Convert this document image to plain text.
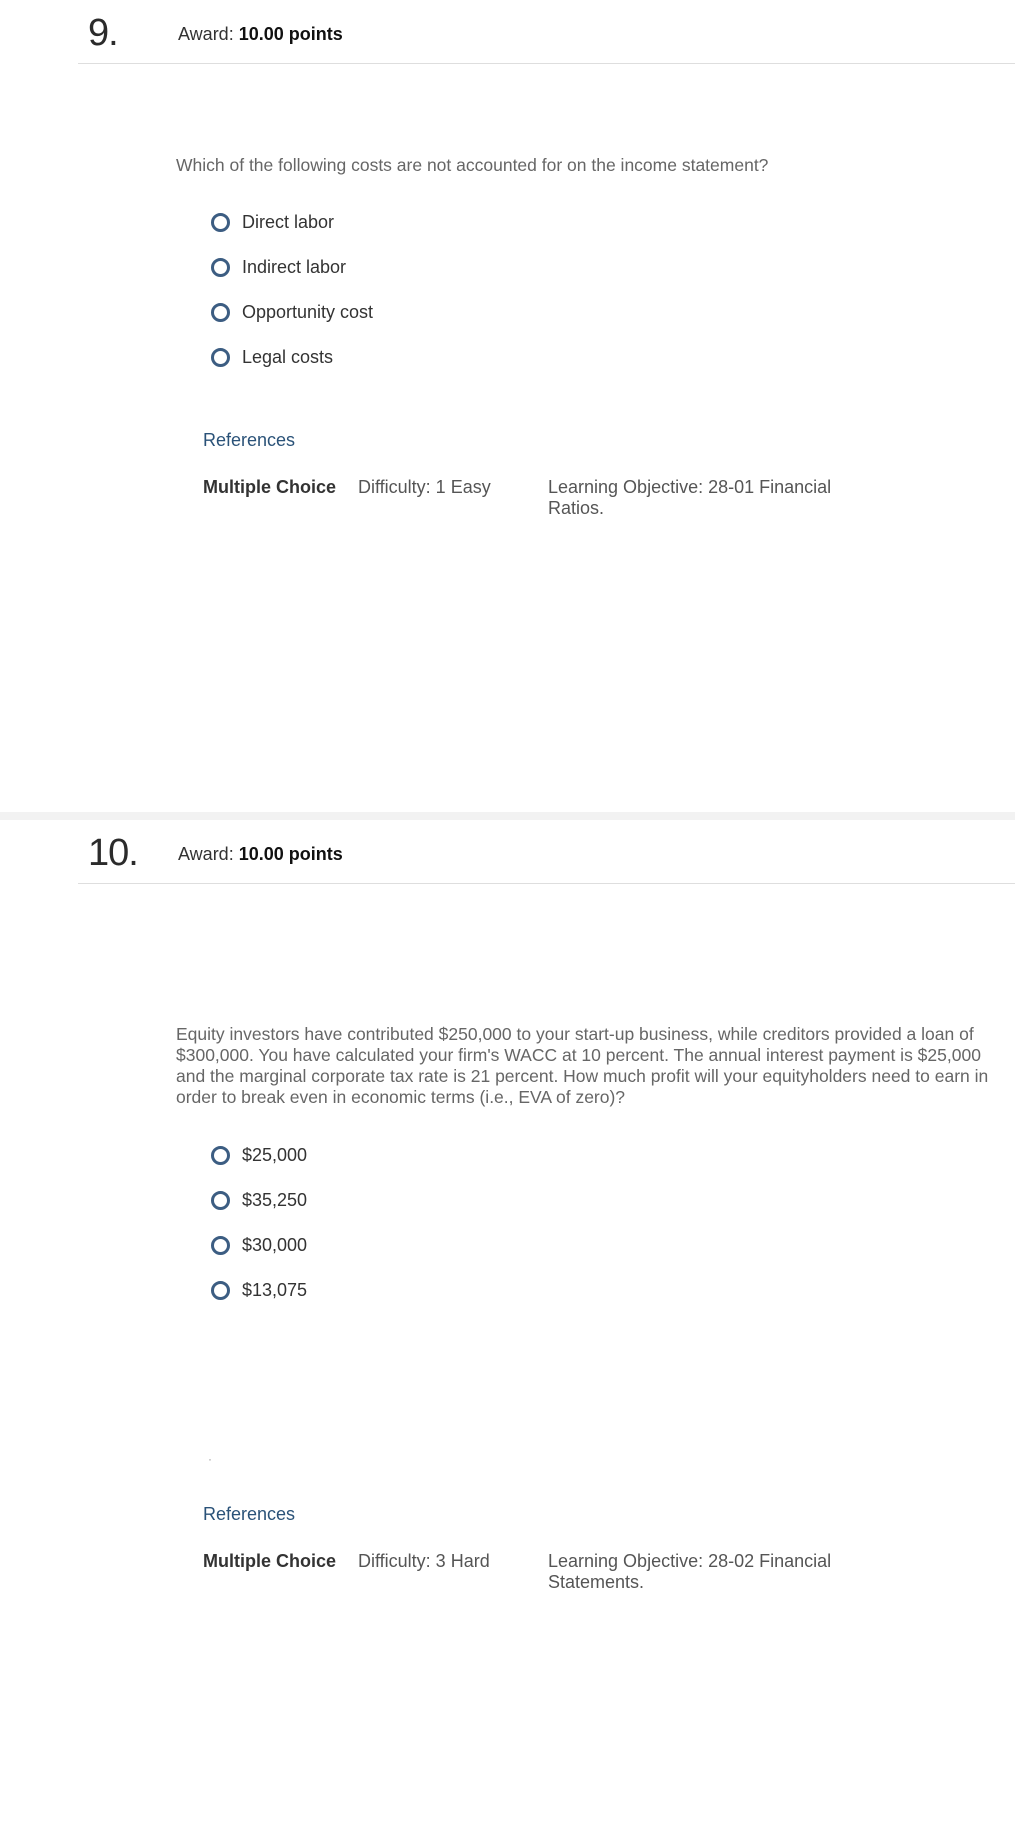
9.	Award: 10.00 points
Which of the following costs are not accounted for on the income statement?
Direct labor
Indirect labor
Opportunity cost
Legal costs
References
Multiple Choice Difficulty: 1 Easy	Learning Objective: 28-01 Financial Ratios.
10. Award: 10.00 points
Equity investors have contributed $250,000 to your start-up business, while creditors provided a loan of $300,000. You have calculated your firm's WACC at 10 percent. The annual interest payment is $25,000 and the marginal corporate tax rate is 21 percent. How much profit will your equityholders need to earn in order to break even in economic terms (i.e., EVA of zero)?
$25,000
$35,250
$30,000
$13,075
·
References
Multiple Choice Difficulty: 3 Hard	Learning Objective: 28-02 Financial Statements.
